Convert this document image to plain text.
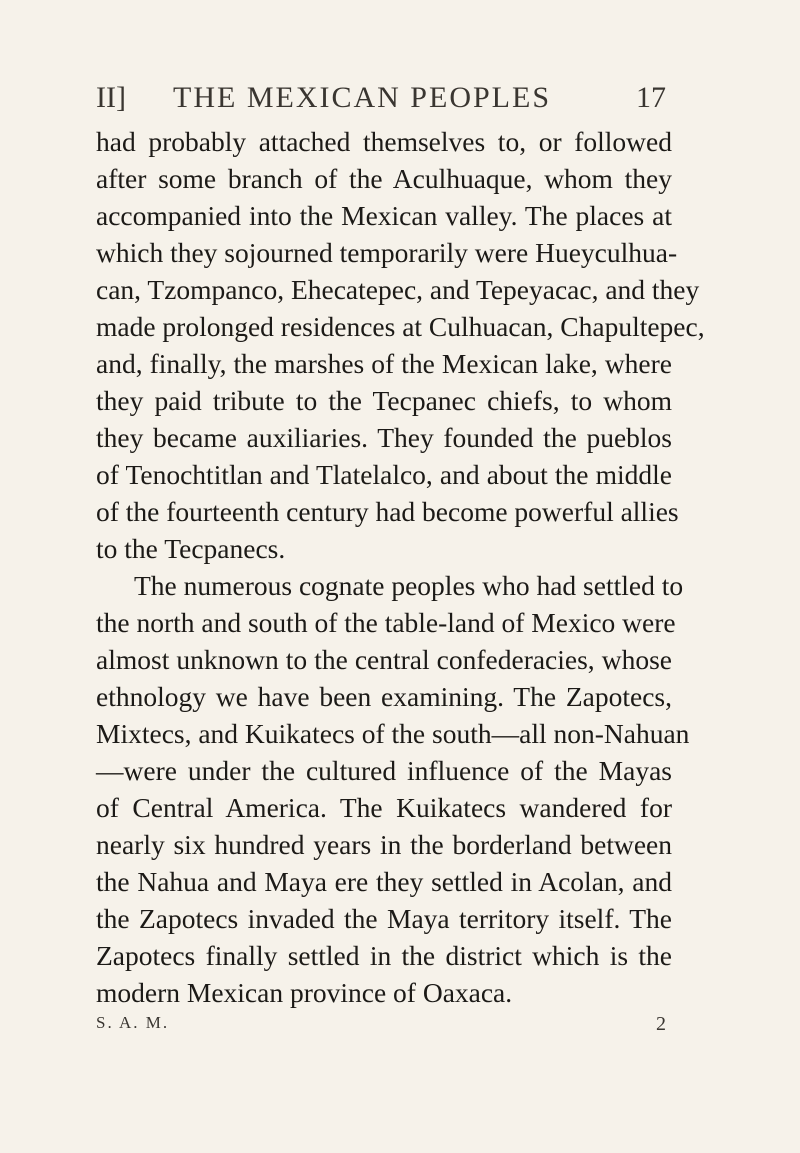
II] THE MEXICAN PEOPLES	17
had probably attached themselves to, or followed
after some branch of the Aculhuaque, whom they
accompanied into the Mexican valley. The places at
which they sojourned temporarily were Hueyculhua-
can, Tzompanco, Ehecatepec, and Tepeyacac, and they
made prolonged residences at Culhuacan, Chapultepec,
and, finally, the marshes of the Mexican lake, where
they paid tribute to the Tecpanec chiefs, to whom
they became auxiliaries. They founded the pueblos
of Tenochtitlan and Tlatelalco, and about the middle
of the fourteenth century had become powerful allies
to the Tecpanecs.
The numerous cognate peoples who had settled to
the north and south of the table-land of Mexico were
almost unknown to the central confederacies, whose
ethnology we have been examining. The Zapotecs,
Mixtecs, and Kuikatecs of the south—all non-Nahuan
—were under the cultured influence of the Mayas
of Central America. The Kuikatecs wandered for
nearly six hundred years in the borderland between
the Nahua and Maya ere they settled in Acolan, and
the Zapotecs invaded the Maya territory itself. The
Zapotecs finally settled in the district which is the
modern Mexican province of Oaxaca.
S. A. M.	2
